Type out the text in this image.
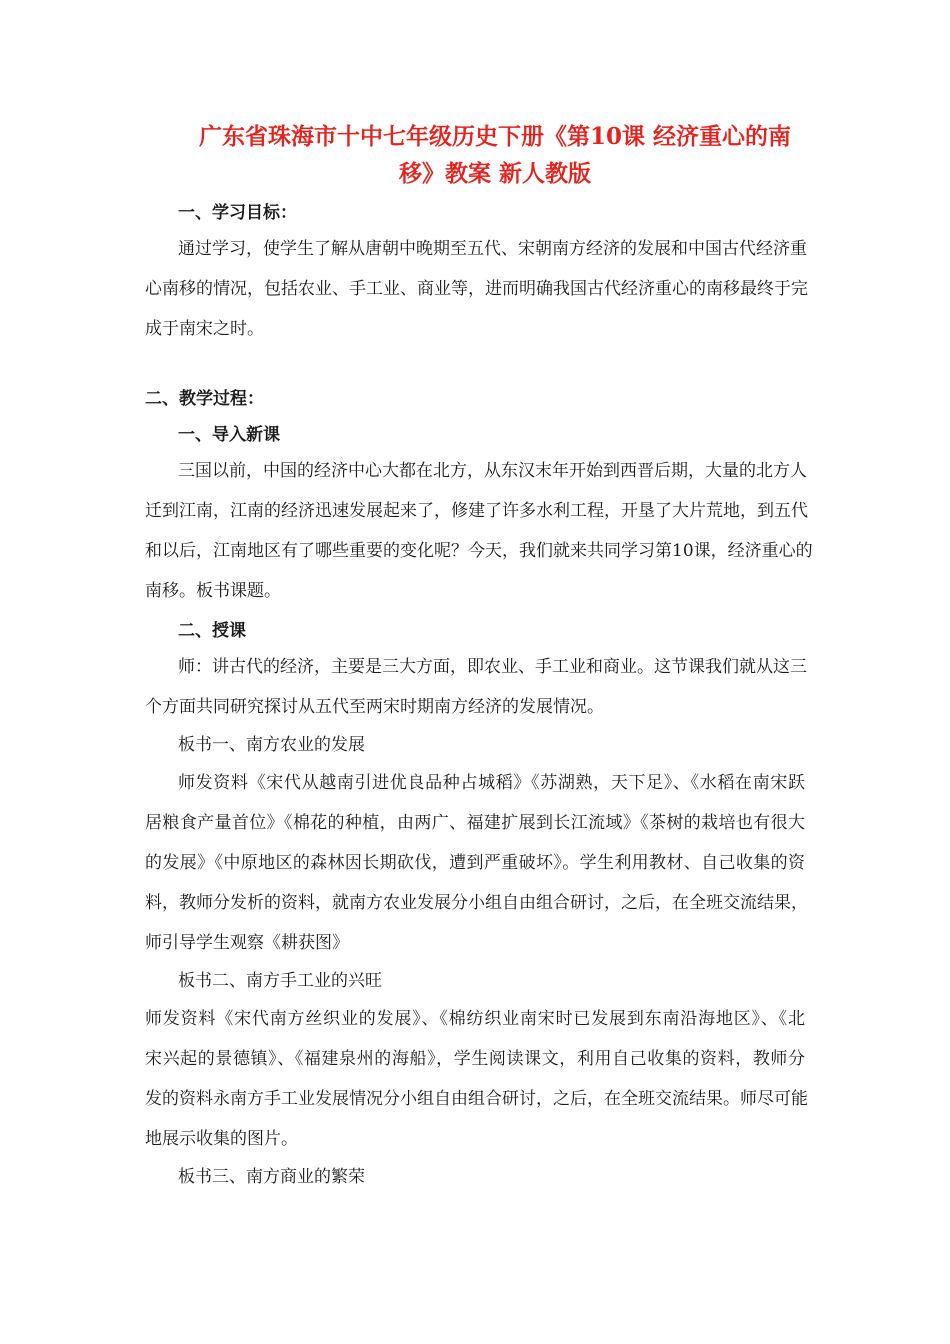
广东省珠海市十中七年级历史下册《第10课 经济重心的南
移》教案 新人教版
一、学习目标：
通过学习，使学生了解从唐朝中晚期至五代、宋朝南方经济的发展和中国古代经济重
心南移的情况，包括农业、手工业、商业等，进而明确我国古代经济重心的南移最终于完
成于南宋之时。
二、教学过程：
一、导入新课
三国以前，中国的经济中心大都在北方，从东汉末年开始到西晋后期，大量的北方人
迁到江南，江南的经济迅速发展起来了，修建了许多水利工程，开垦了大片荒地，到五代
和以后，江南地区有了哪些重要的变化呢？今天，我们就来共同学习第10课，经济重心的
南移。板书课题。
二、授课
师：讲古代的经济，主要是三大方面，即农业、手工业和商业。这节课我们就从这三
个方面共同研究探讨从五代至两宋时期南方经济的发展情况。
板书一、南方农业的发展
师发资料《宋代从越南引进优良品种占城稻》《苏湖熟，天下足》、《水稻在南宋跃
居粮食产量首位》《棉花的种植，由两广、福建扩展到长江流域》《茶树的栽培也有很大
的发展》《中原地区的森林因长期砍伐，遭到严重破坏》。学生利用教材、自己收集的资
料，教师分发析的资料，就南方农业发展分小组自由组合研讨，之后，在全班交流结果，
师引导学生观察《耕获图》
板书二、南方手工业的兴旺
师发资料《宋代南方丝织业的发展》、《棉纺织业南宋时已发展到东南沿海地区》、《北
宋兴起的景德镇》、《福建泉州的海船》，学生阅读课文，利用自己收集的资料，教师分
发的资料永南方手工业发展情况分小组自由组合研讨，之后，在全班交流结果。师尽可能
地展示收集的图片。
板书三、南方商业的繁荣
